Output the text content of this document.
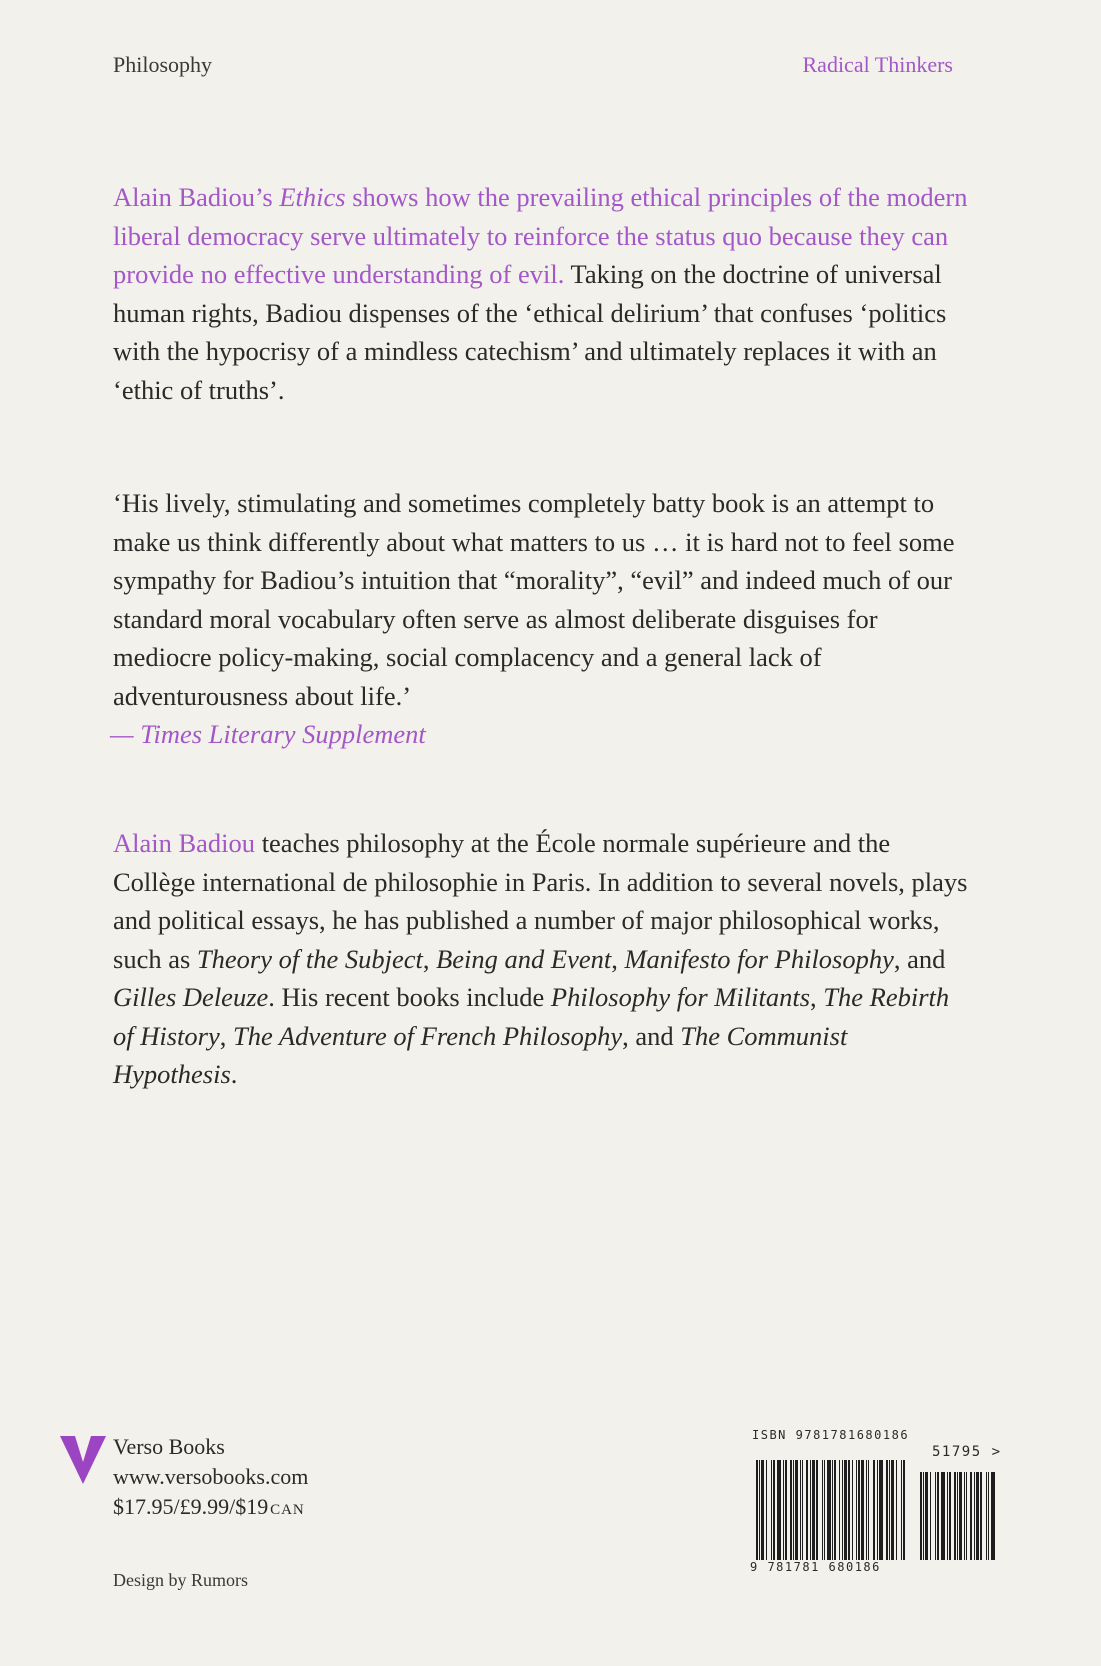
Philosophy	Radical Thinkers
Alain Badiou’s Ethics shows how the prevailing ethical principles of the modern liberal democracy serve ultimately to reinforce the status quo because they can provide no effective understanding of evil. Taking on the doctrine of universal human rights, Badiou dispenses of the ‘ethical delirium’ that confuses ‘politics with the hypocrisy of a mindless catechism’ and ultimately replaces it with an ‘ethic of truths’.
‘His lively, stimulating and sometimes completely batty book is an attempt to make us think differently about what matters to us … it is hard not to feel some sympathy for Badiou’s intuition that “morality”, “evil” and indeed much of our standard moral vocabulary often serve as almost deliberate disguises for mediocre policy-making, social complacency and a general lack of adventurousness about life.’
— Times Literary Supplement
Alain Badiou teaches philosophy at the École normale supérieure and the Collège international de philosophie in Paris. In addition to several novels, plays and political essays, he has published a number of major philosophical works, such as Theory of the Subject, Being and Event, Manifesto for Philosophy, and Gilles Deleuze. His recent books include Philosophy for Militants, The Rebirth of History, The Adventure of French Philosophy, and The Communist Hypothesis.
Verso Books
www.versobooks.com
$17.95/£9.99/$19  CAN
Design by Rumors
ISBN 9781781680186
51795 >
9 781781 680186
